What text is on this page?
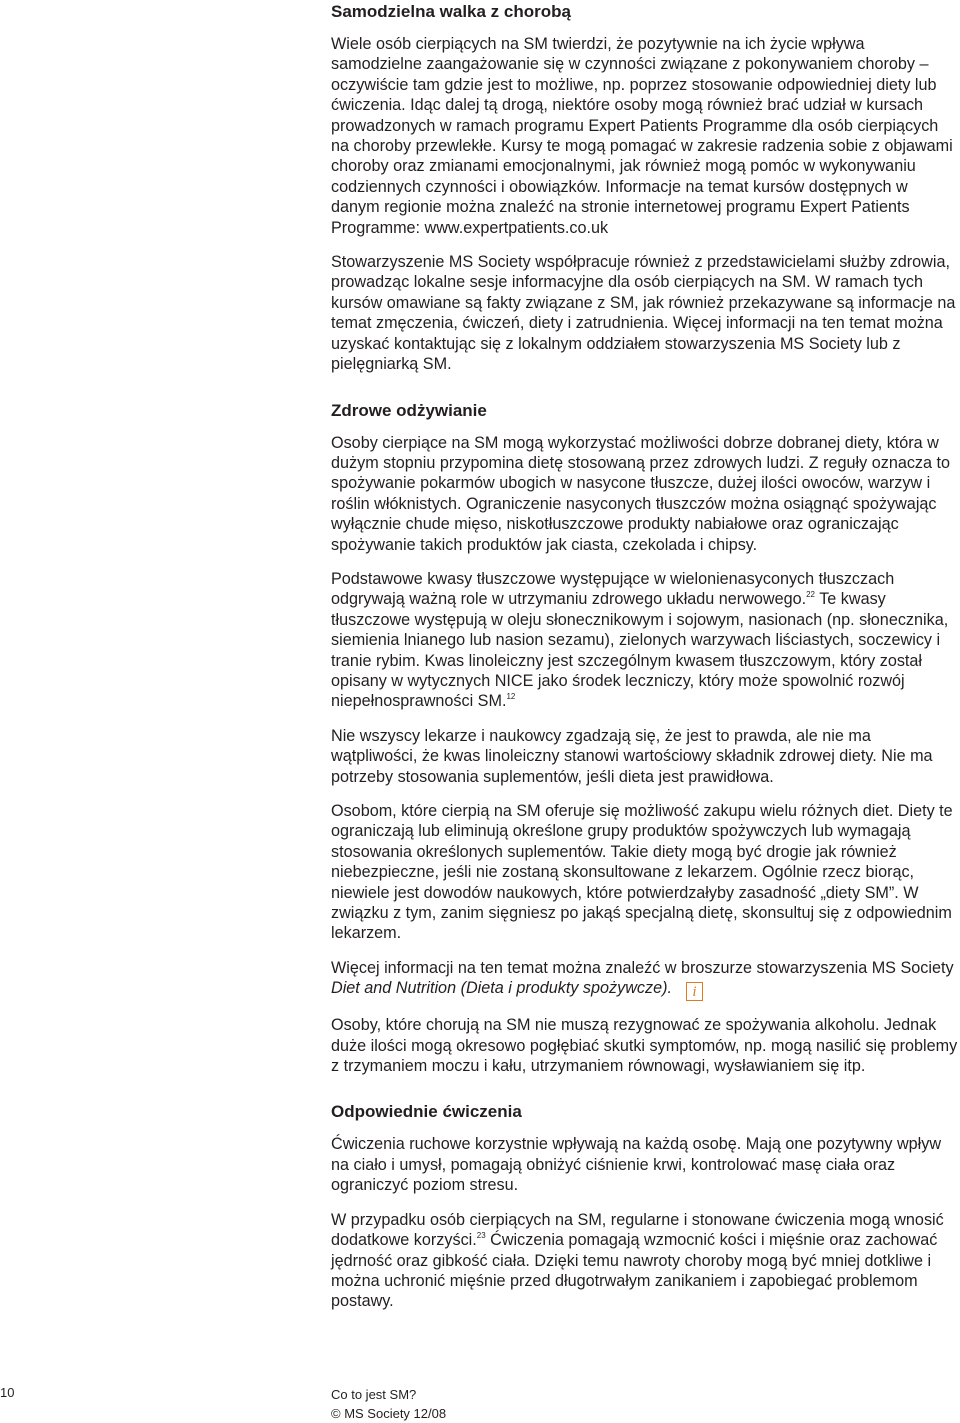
Samodzielna walka z chorobą

Wiele osób cierpiących na SM twierdzi, że pozytywnie na ich życie wpływa samodzielne zaangażowanie się w czynności związane z pokonywaniem choroby – oczywiście tam gdzie jest to możliwe, np. poprzez stosowanie odpowiedniej diety lub ćwiczenia. Idąc dalej tą drogą, niektóre osoby mogą również brać udział w kursach prowadzonych w ramach programu Expert Patients Programme dla osób cierpiących na choroby przewlekłe. Kursy te mogą pomagać w zakresie radzenia sobie z objawami choroby oraz zmianami emocjonalnymi, jak również mogą pomóc w wykonywaniu codziennych czynności i obowiązków. Informacje na temat kursów dostępnych w danym regionie można znaleźć na stronie internetowej programu Expert Patients Programme: www.expertpatients.co.uk

Stowarzyszenie MS Society współpracuje również z przedstawicielami służby zdrowia, prowadząc lokalne sesje informacyjne dla osób cierpiących na SM. W ramach tych kursów omawiane są fakty związane z SM, jak również przekazywane są informacje na temat zmęczenia, ćwiczeń, diety i zatrudnienia. Więcej informacji na ten temat można uzyskać kontaktując się z lokalnym oddziałem stowarzyszenia MS Society lub z pielęgniarką SM.

Zdrowe odżywianie

Osoby cierpiące na SM mogą wykorzystać możliwości dobrze dobranej diety, która w dużym stopniu przypomina dietę stosowaną przez zdrowych ludzi. Z reguły oznacza to spożywanie pokarmów ubogich w nasycone tłuszcze, dużej ilości owoców, warzyw i roślin włóknistych. Ograniczenie nasyconych tłuszczów można osiągnąć spożywając wyłącznie chude mięso, niskotłuszczowe produkty nabiałowe oraz ograniczając spożywanie takich produktów jak ciasta, czekolada i chipsy.

Podstawowe kwasy tłuszczowe występujące w wielonienasyconych tłuszczach odgrywają ważną role w utrzymaniu zdrowego układu nerwowego.$^{22}$ Te kwasy tłuszczowe występują w oleju słonecznikowym i sojowym, nasionach (np. słonecznika, siemienia lnianego lub nasion sezamu), zielonych warzywach liściastych, soczewicy i tranie rybim. Kwas linoleiczny jest szczególnym kwasem tłuszczowym, który został opisany w wytycznych NICE jako środek leczniczy, który może spowolnić rozwój niepełnosprawności SM.$^{12}$

Nie wszyscy lekarze i naukowcy zgadzają się, że jest to prawda, ale nie ma wątpliwości, że kwas linoleiczny stanowi wartościowy składnik zdrowej diety. Nie ma potrzeby stosowania suplementów, jeśli dieta jest prawidłowa.

Osobom, które cierpią na SM oferuje się możliwość zakupu wielu różnych diet. Diety te ograniczają lub eliminują określone grupy produktów spożywczych lub wymagają stosowania określonych suplementów. Takie diety mogą być drogie jak również niebezpieczne, jeśli nie zostaną skonsultowane z lekarzem. Ogólnie rzecz biorąc, niewiele jest dowodów naukowych, które potwierdzałyby zasadność „diety SM”. W związku z tym, zanim sięgniesz po jakąś specjalną dietę, skonsultuj się z odpowiednim lekarzem.

Więcej informacji na ten temat można znaleźć w broszurze stowarzyszenia MS Society Diet and Nutrition (Dieta i produkty spożywcze). i

Osoby, które chorują na SM nie muszą rezygnować ze spożywania alkoholu. Jednak duże ilości mogą okresowo pogłębiać skutki symptomów, np. mogą nasilić się problemy z trzymaniem moczu i kału, utrzymaniem równowagi, wysławianiem się itp.

Odpowiednie ćwiczenia

Ćwiczenia ruchowe korzystnie wpływają na każdą osobę. Mają one pozytywny wpływ na ciało i umysł, pomagają obniżyć ciśnienie krwi, kontrolować masę ciała oraz ograniczyć poziom stresu.

W przypadku osób cierpiących na SM, regularne i stonowane ćwiczenia mogą wnosić dodatkowe korzyści.$^{23}$ Ćwiczenia pomagają wzmocnić kości i mięśnie oraz zachować jędrność oraz gibkość ciała. Dzięki temu nawroty choroby mogą być mniej dotkliwe i można uchronić mięśnie przed długotrwałym zanikaniem i zapobiegać problemom postawy.

10	Co to jest SM?
© MS Society 12/08
